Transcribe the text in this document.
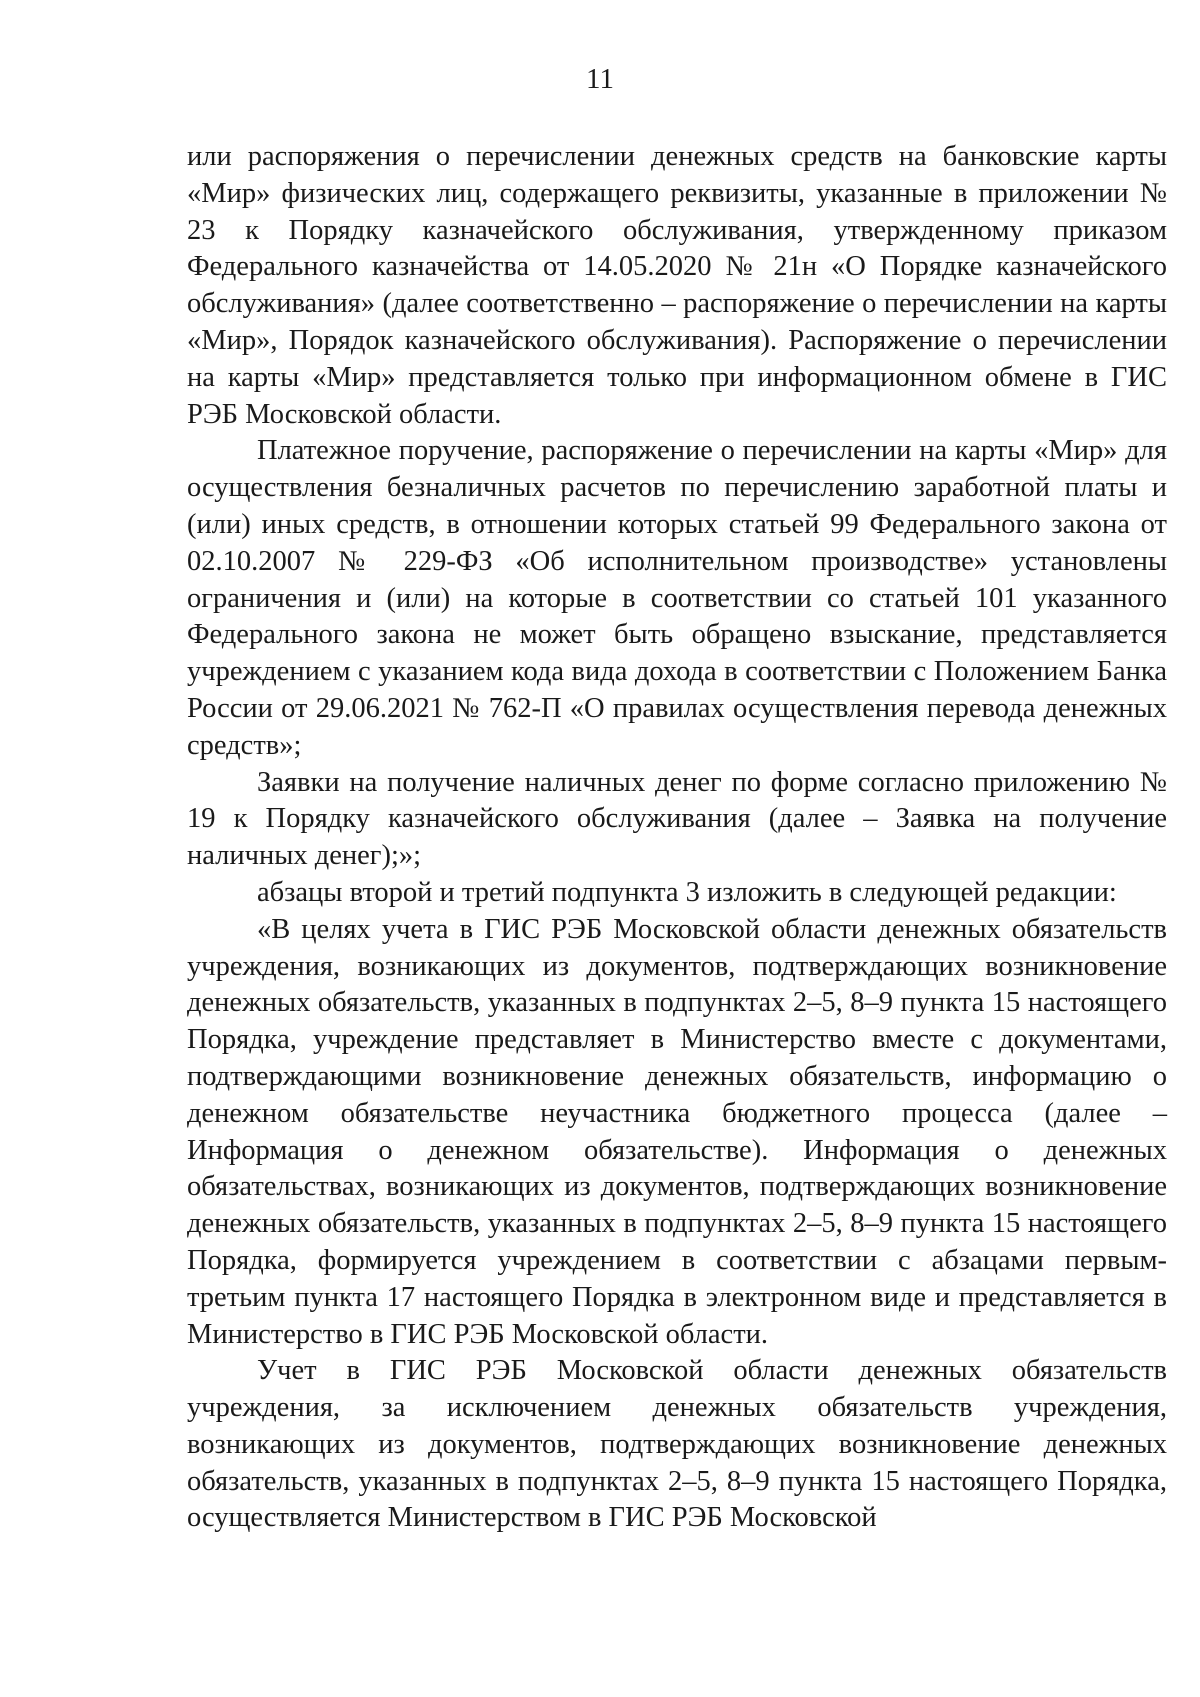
11

или распоряжения о перечислении денежных средств на банковские карты «Мир» физических лиц, содержащего реквизиты, указанные в приложении № 23 к Порядку казначейского обслуживания, утвержденному приказом Федерального казначейства от 14.05.2020 № 21н «О Порядке казначейского обслуживания» (далее соответственно – распоряжение о перечислении на карты «Мир», Порядок казначейского обслуживания). Распоряжение о перечислении на карты «Мир» представляется только при информационном обмене в ГИС РЭБ Московской области.

Платежное поручение, распоряжение о перечислении на карты «Мир» для осуществления безналичных расчетов по перечислению заработной платы и (или) иных средств, в отношении которых статьей 99 Федерального закона от 02.10.2007 № 229-ФЗ «Об исполнительном производстве» установлены ограничения и (или) на которые в соответствии со статьей 101 указанного Федерального закона не может быть обращено взыскание, представляется учреждением с указанием кода вида дохода в соответствии с Положением Банка России от 29.06.2021 № 762-П «О правилах осуществления перевода денежных средств»;

Заявки на получение наличных денег по форме согласно приложению № 19 к Порядку казначейского обслуживания (далее – Заявка на получение наличных денег);»;

абзацы второй и третий подпункта 3 изложить в следующей редакции:

«В целях учета в ГИС РЭБ Московской области денежных обязательств учреждения, возникающих из документов, подтверждающих возникновение денежных обязательств, указанных в подпунктах 2–5, 8–9 пункта 15 настоящего Порядка, учреждение представляет в Министерство вместе с документами, подтверждающими возникновение денежных обязательств, информацию о денежном обязательстве неучастника бюджетного процесса (далее – Информация о денежном обязательстве). Информация о денежных обязательствах, возникающих из документов, подтверждающих возникновение денежных обязательств, указанных в подпунктах 2–5, 8–9 пункта 15 настоящего Порядка, формируется учреждением в соответствии с абзацами первым-третьим пункта 17 настоящего Порядка в электронном виде и представляется в Министерство в ГИС РЭБ Московской области.

Учет в ГИС РЭБ Московской области денежных обязательств учреждения, за исключением денежных обязательств учреждения, возникающих из документов, подтверждающих возникновение денежных обязательств, указанных в подпунктах 2–5, 8–9 пункта 15 настоящего Порядка, осуществляется Министерством в ГИС РЭБ Московской
